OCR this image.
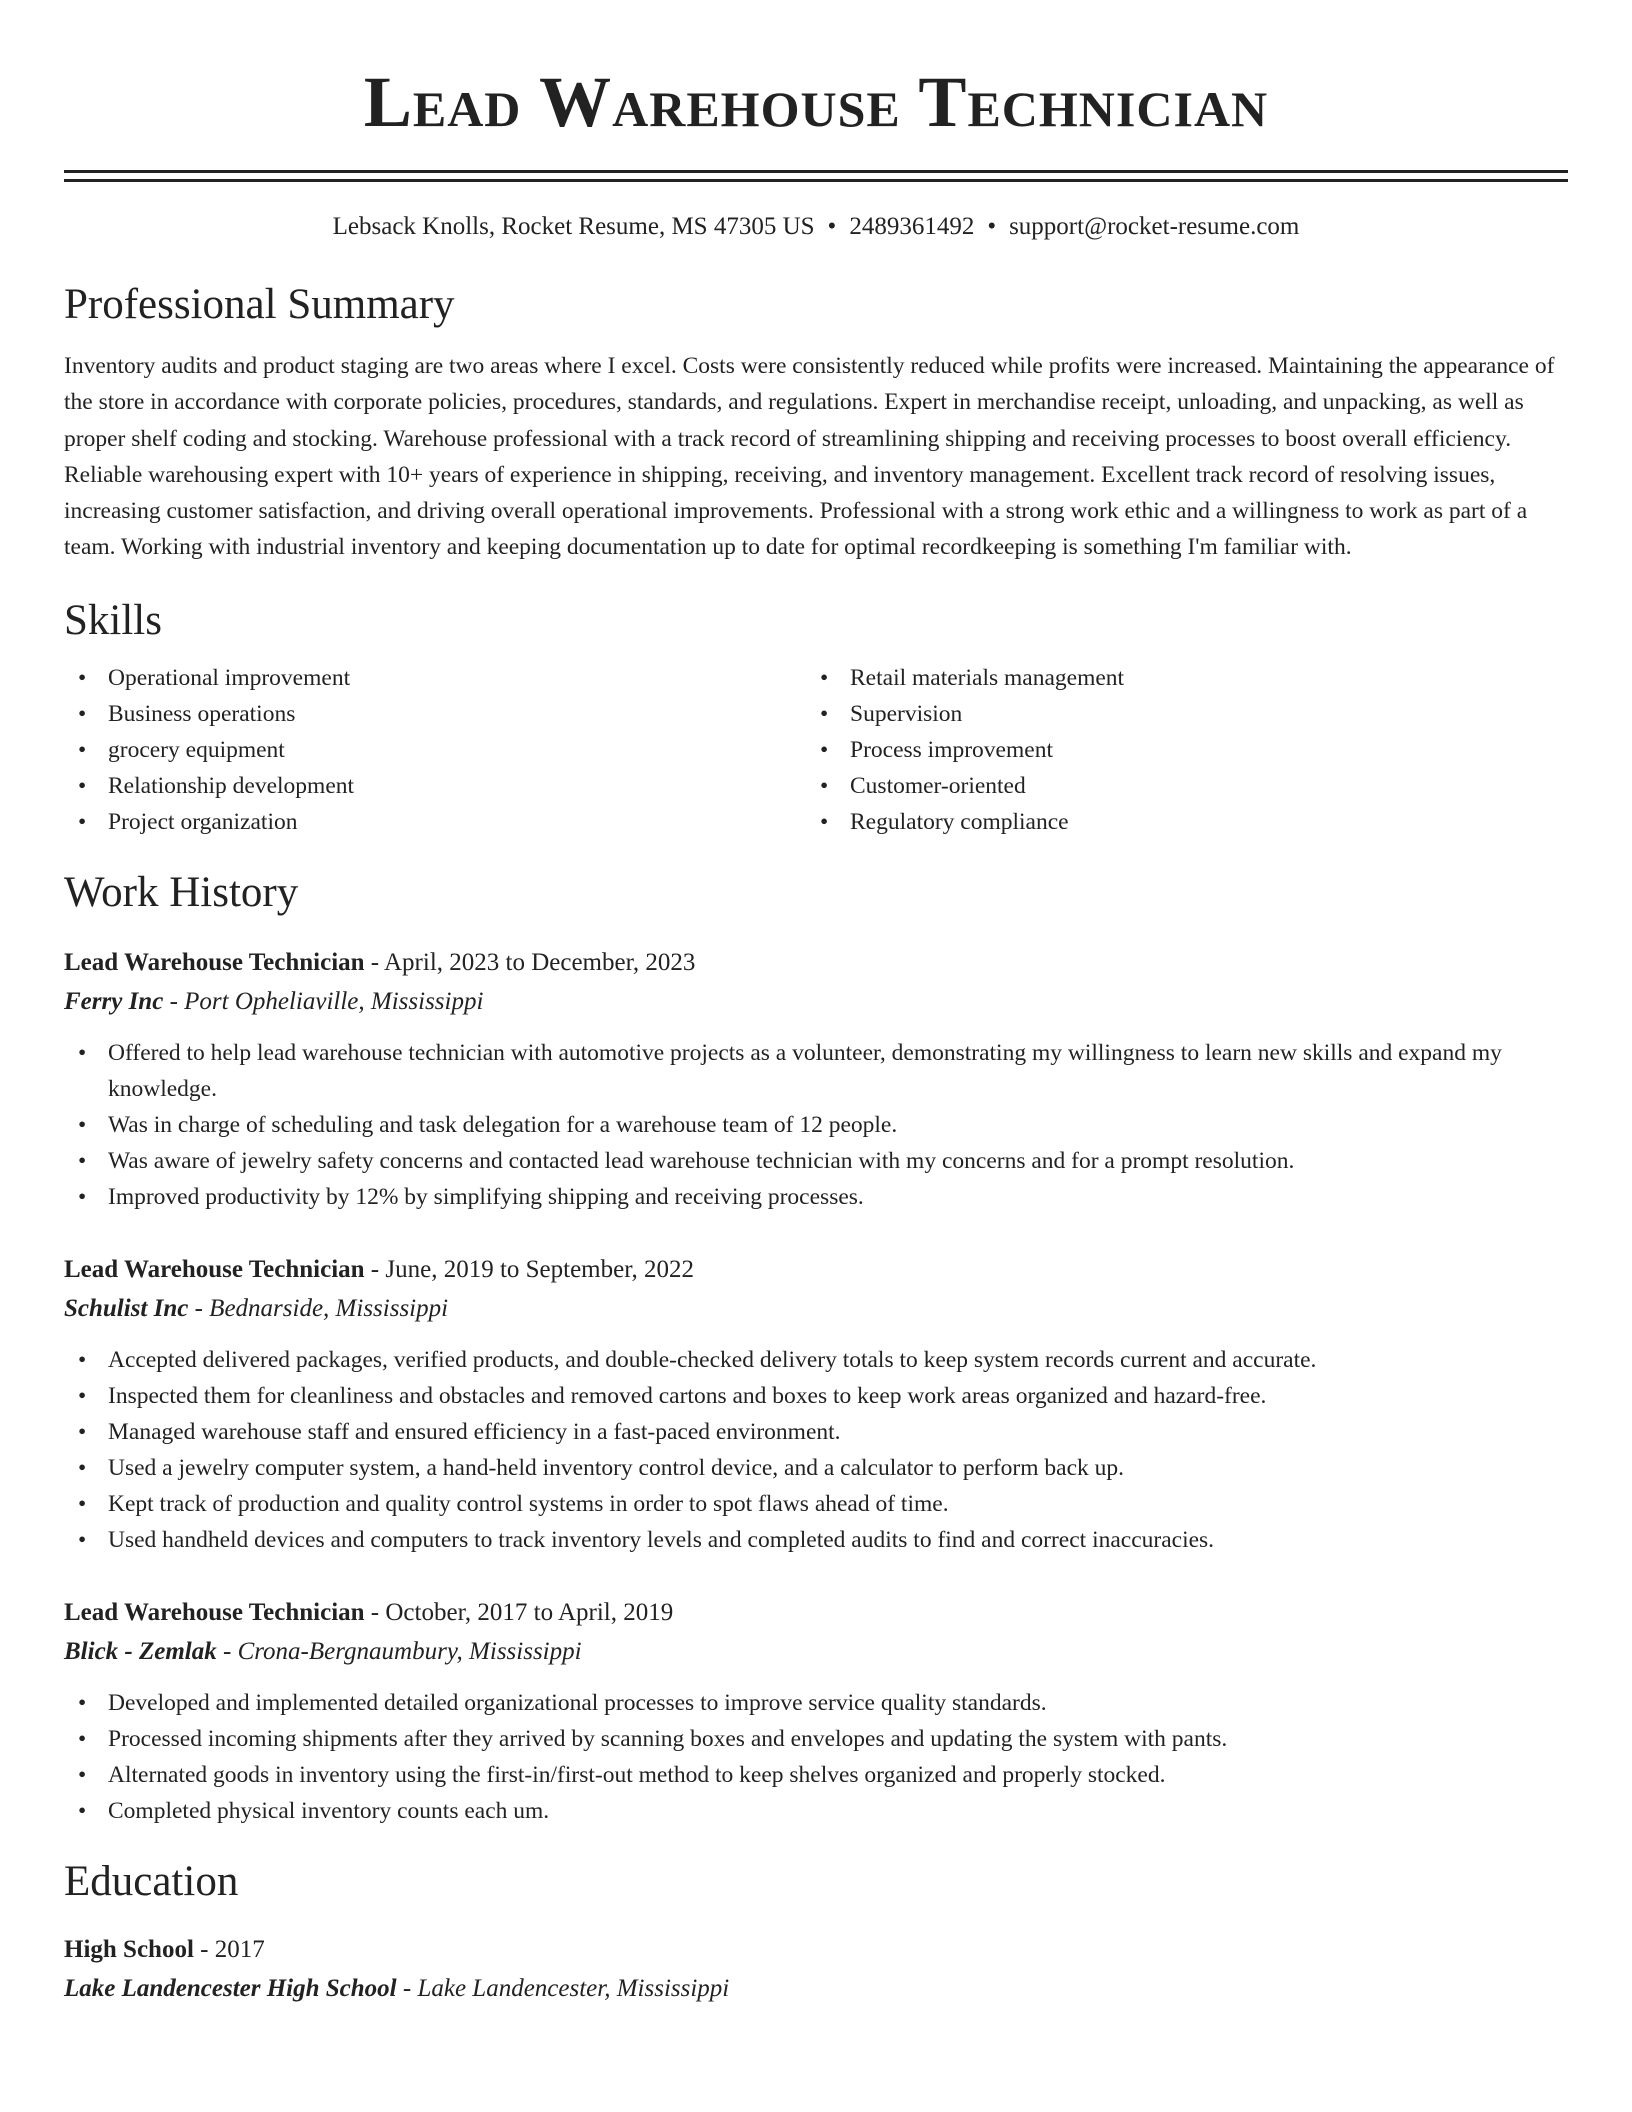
Lead Warehouse Technician
Lebsack Knolls, Rocket Resume, MS 47305 US • 2489361492 • support@rocket-resume.com
Professional Summary

Inventory audits and product staging are two areas where I excel. Costs were consistently reduced while profits were increased. Maintaining the appearance of the store in accordance with corporate policies, procedures, standards, and regulations. Expert in merchandise receipt, unloading, and unpacking, as well as proper shelf coding and stocking. Warehouse professional with a track record of streamlining shipping and receiving processes to boost overall efficiency. Reliable warehousing expert with 10+ years of experience in shipping, receiving, and inventory management. Excellent track record of resolving issues, increasing customer satisfaction, and driving overall operational improvements. Professional with a strong work ethic and a willingness to work as part of a team. Working with industrial inventory and keeping documentation up to date for optimal recordkeeping is something I'm familiar with.

Skills
• Operational improvement
• Business operations
• grocery equipment
• Relationship development
• Project organization
• Retail materials management
• Supervision
• Process improvement
• Customer-oriented
• Regulatory compliance
Work History
Lead Warehouse Technician - April, 2023 to December, 2023
Ferry Inc - Port Opheliaville, Mississippi
• Offered to help lead warehouse technician with automotive projects as a volunteer, demonstrating my willingness to learn new skills and expand my knowledge.
• Was in charge of scheduling and task delegation for a warehouse team of 12 people.
• Was aware of jewelry safety concerns and contacted lead warehouse technician with my concerns and for a prompt resolution.
• Improved productivity by 12% by simplifying shipping and receiving processes.
Lead Warehouse Technician - June, 2019 to September, 2022
Schulist Inc - Bednarside, Mississippi
• Accepted delivered packages, verified products, and double-checked delivery totals to keep system records current and accurate.
• Inspected them for cleanliness and obstacles and removed cartons and boxes to keep work areas organized and hazard-free.
• Managed warehouse staff and ensured efficiency in a fast-paced environment.
• Used a jewelry computer system, a hand-held inventory control device, and a calculator to perform back up.
• Kept track of production and quality control systems in order to spot flaws ahead of time.
• Used handheld devices and computers to track inventory levels and completed audits to find and correct inaccuracies.
Lead Warehouse Technician - October, 2017 to April, 2019
Blick - Zemlak - Crona-Bergnaumbury, Mississippi
• Developed and implemented detailed organizational processes to improve service quality standards.
• Processed incoming shipments after they arrived by scanning boxes and envelopes and updating the system with pants.
• Alternated goods in inventory using the first-in/first-out method to keep shelves organized and properly stocked.
• Completed physical inventory counts each um.
Education
High School - 2017
Lake Landencester High School - Lake Landencester, Mississippi
